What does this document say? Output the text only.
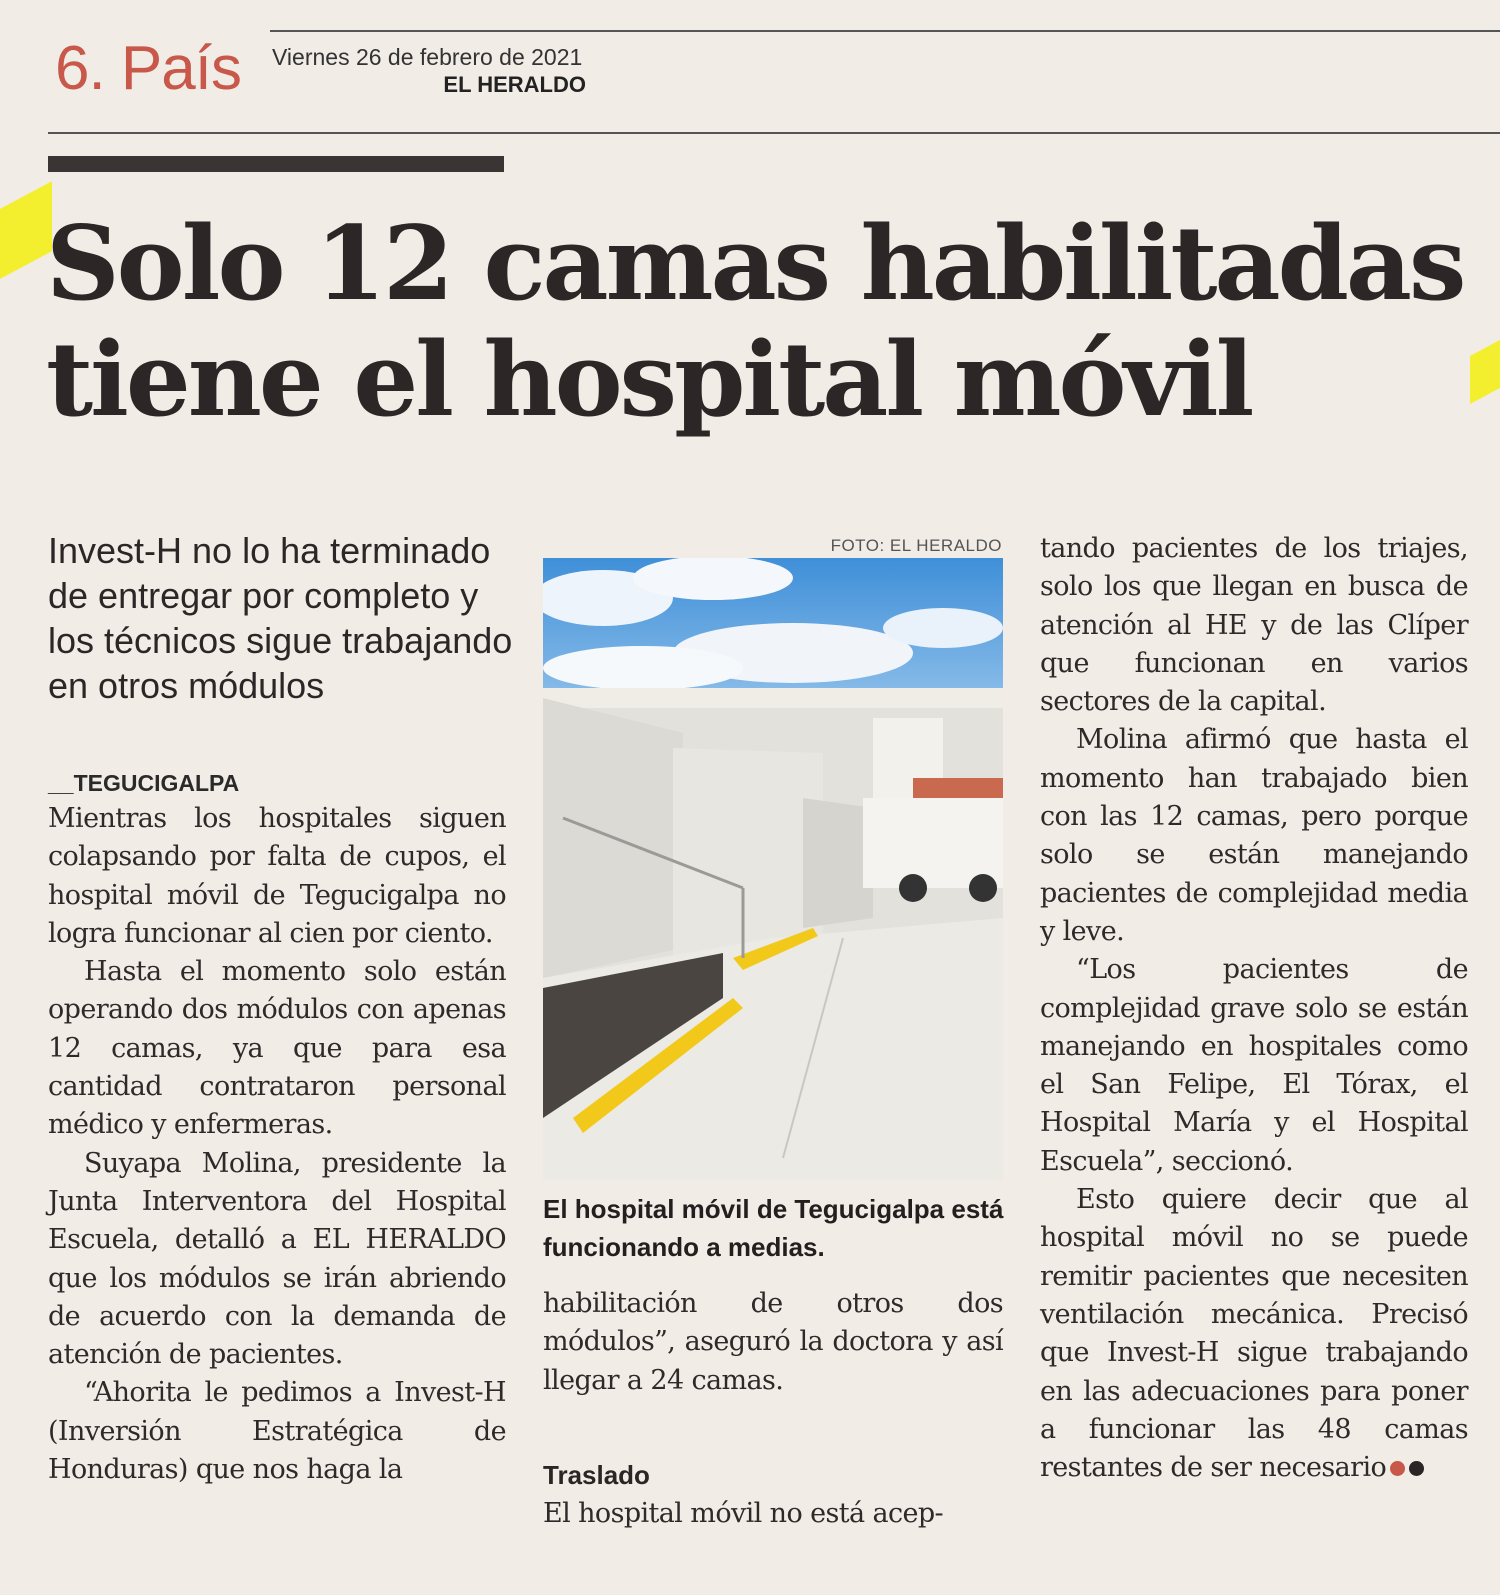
6. País Viernes 26 de febrero de 2021
EL HERALDO
Solo 12 camas habilitadas
tiene el hospital móvil

Invest-H no lo ha terminado de entregar por completo y los técnicos sigue trabajando en otros módulos

__TEGUCIGALPA

Mientras los hospitales siguen colapsando por falta de cupos, el hospital móvil de Tegucigalpa no logra funcionar al cien por ciento.

Hasta el momento solo están operando dos módulos con apenas 12 camas, ya que para esa cantidad contrataron personal médico y enfermeras.

Suyapa Molina, presidente la Junta Interventora del Hospital Escuela, detalló a EL HERALDO que los módulos se irán abriendo de acuerdo con la demanda de atención de pacientes.

“Ahorita le pedimos a Invest-H (Inversión Estratégica de Honduras) que nos haga la

FOTO: EL HERALDO

El hospital móvil de Tegucigalpa está funcionando a medias.

habilitación de otros dos módulos”, aseguró la doctora y así llegar a 24 camas.

Traslado

El hospital móvil no está acep-

tando pacientes de los triajes, solo los que llegan en busca de atención al HE y de las Clíper que funcionan en varios sectores de la capital.

Molina afirmó que hasta el momento han trabajado bien con las 12 camas, pero porque solo se están manejando pacientes de complejidad media y leve.

“Los pacientes de complejidad grave solo se están manejando en hospitales como el San Felipe, El Tórax, el Hospital María y el Hospital Escuela”, seccionó.

Esto quiere decir que al hospital móvil no se puede remitir pacientes que necesiten ventilación mecánica. Precisó que Invest-H sigue trabajando en las adecuaciones para poner a funcionar las 48 camas restantes de ser necesario
